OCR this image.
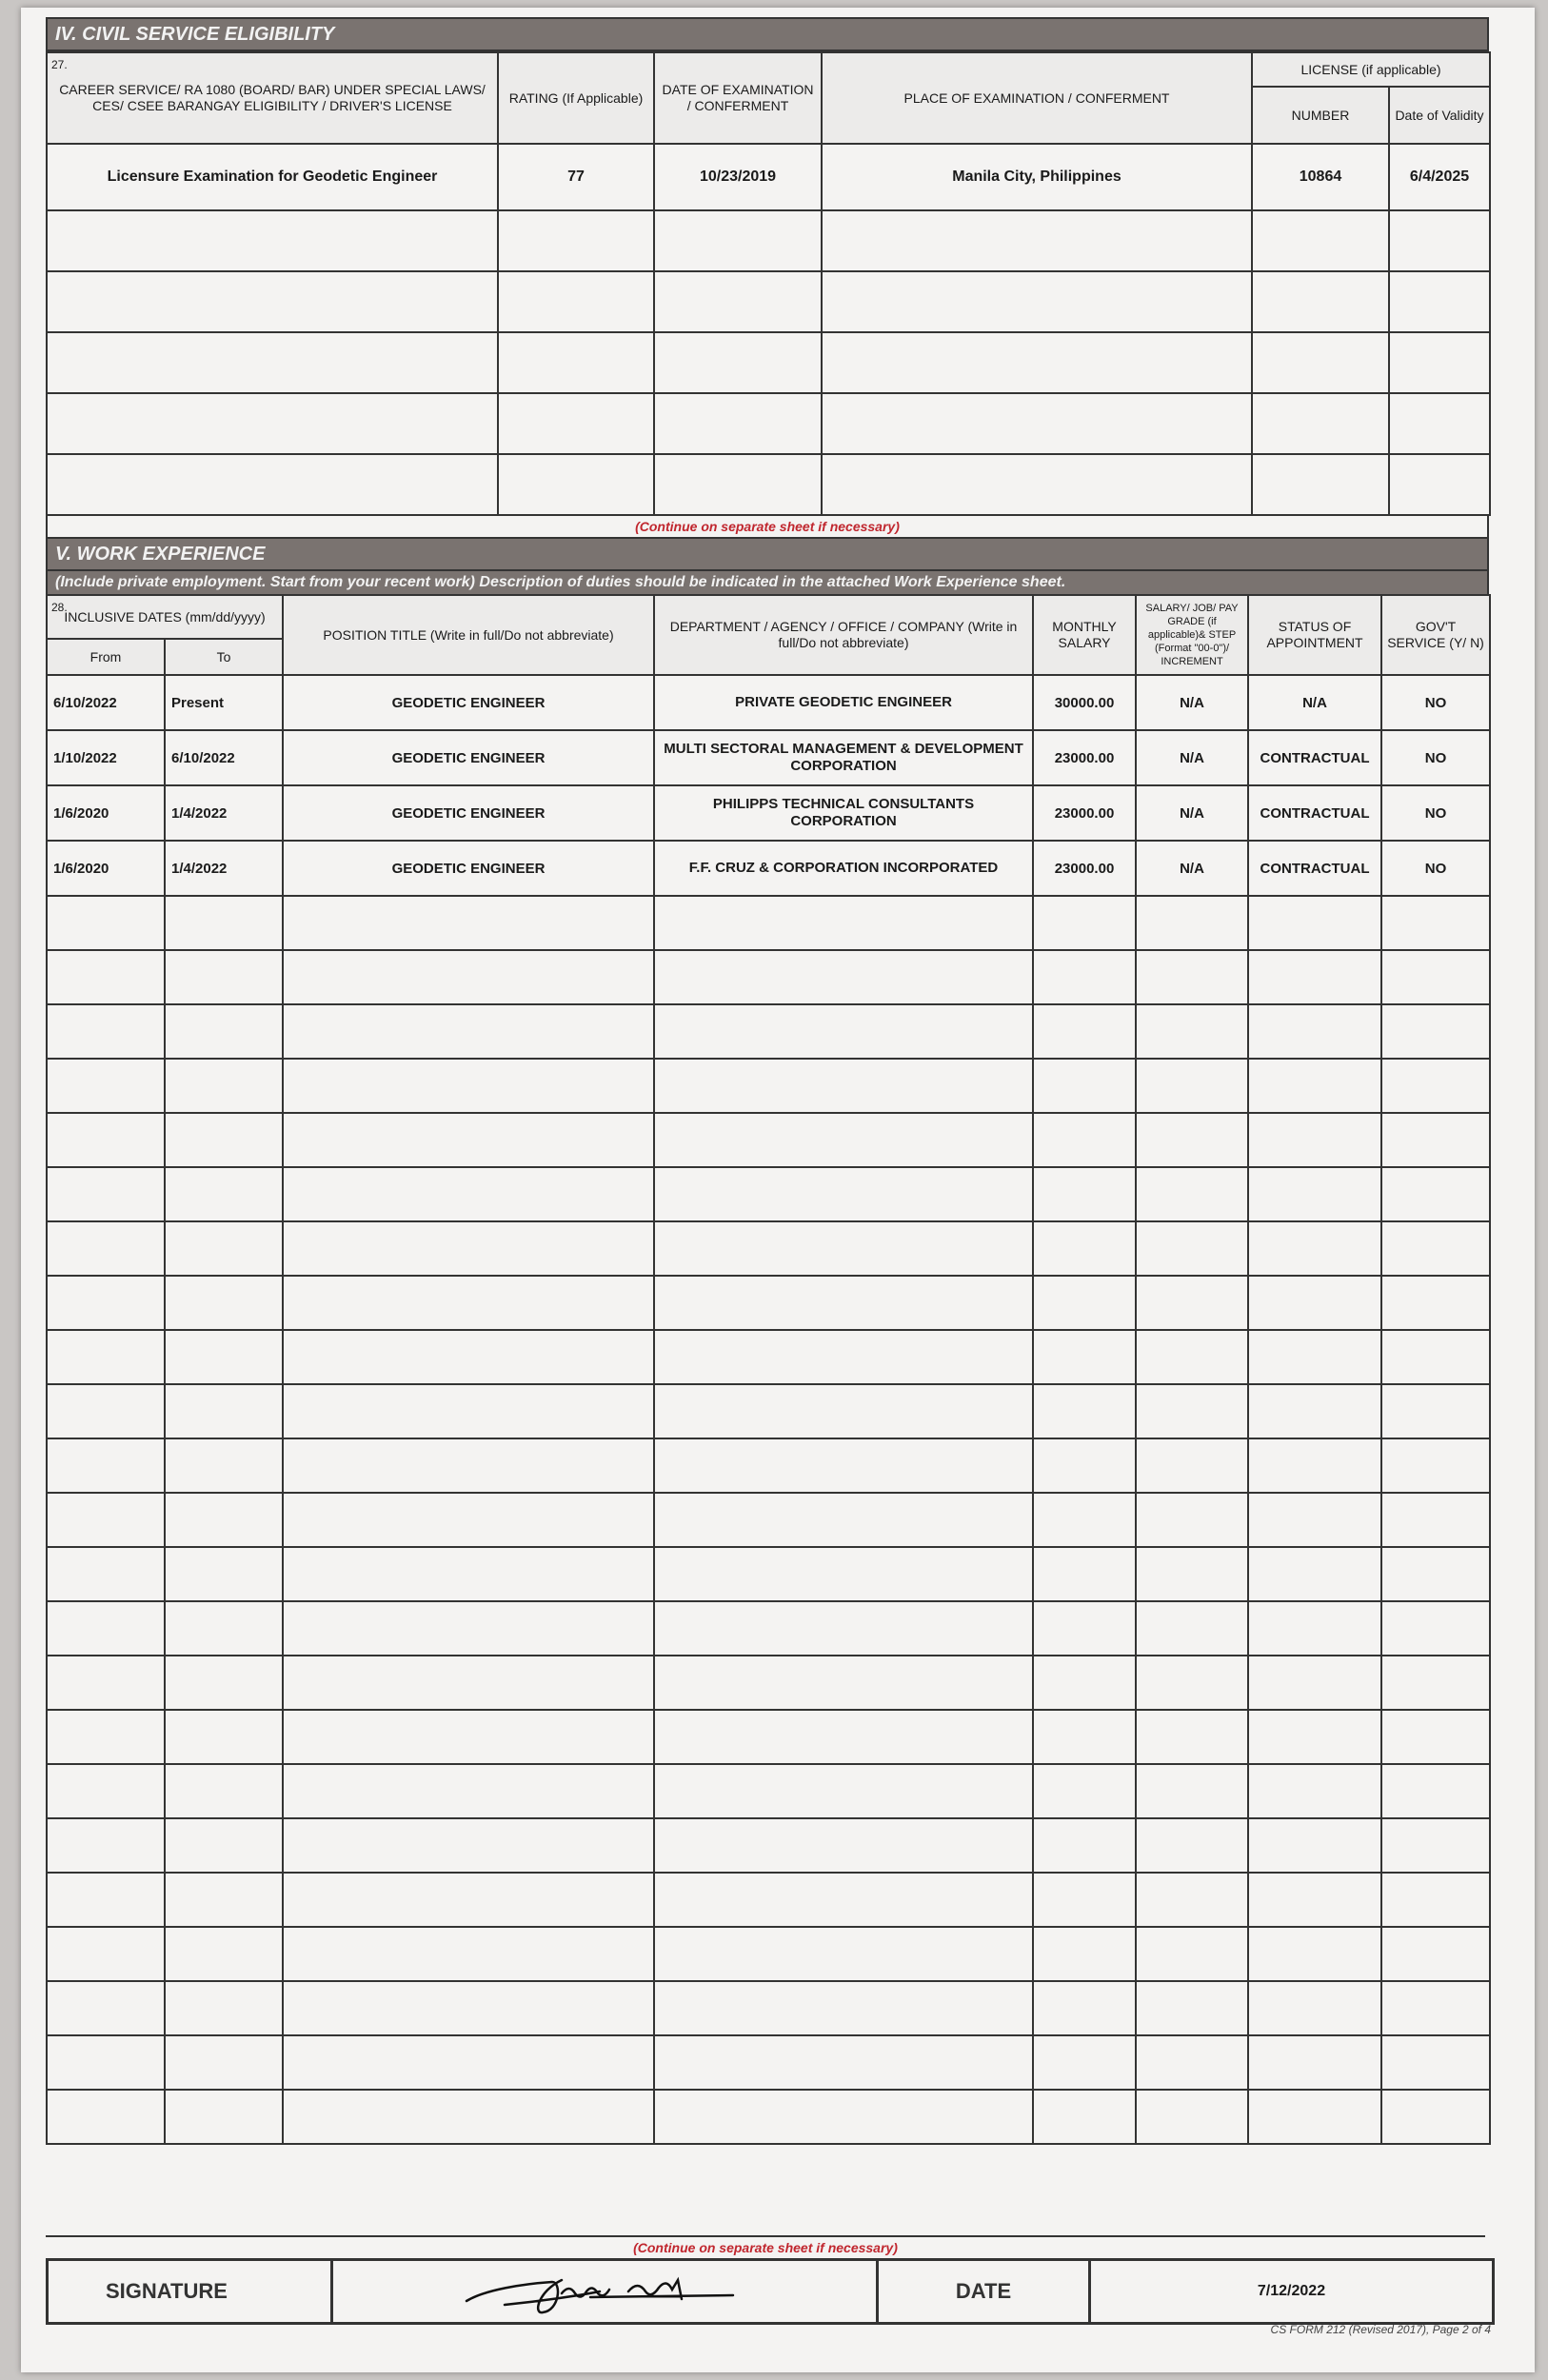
IV. CIVIL SERVICE ELIGIBILITY
27.
CAREER SERVICE/ RA 1080 (BOARD/ BAR) UNDER SPECIAL LAWS/ CES/ CSEE BARANGAY ELIGIBILITY / DRIVER'S LICENSE	RATING (If Applicable)	DATE OF EXAMINATION / CONFERMENT	PLACE OF EXAMINATION / CONFERMENT	LICENSE (if applicable)	
				NUMBER	Date of Validity
Licensure Examination for Geodetic Engineer	77	10/23/2019	Manila City, Philippines	10864	6/4/2025

(Continue on separate sheet if necessary)
V. WORK EXPERIENCE
(Include private employment. Start from your recent work) Description of duties should be indicated in the attached Work Experience sheet.
28.
INCLUSIVE DATES (mm/dd/yyyy)		POSITION TITLE (Write in full/Do not abbreviate)	DEPARTMENT / AGENCY / OFFICE / COMPANY (Write in full/Do not abbreviate)	MONTHLY SALARY	SALARY/ JOB/ PAY GRADE (if applicable)& STEP (Format "00-0")/ INCREMENT	STATUS OF APPOINTMENT	GOV'T SERVICE (Y/ N)
From	To						
6/10/2022	Present	GEODETIC ENGINEER	PRIVATE GEODETIC ENGINEER	30000.00	N/A	N/A	NO
1/10/2022	6/10/2022	GEODETIC ENGINEER	MULTI SECTORAL MANAGEMENT & DEVELOPMENT CORPORATION	23000.00	N/A	CONTRACTUAL	NO
1/6/2020	1/4/2022	GEODETIC ENGINEER	PHILIPPS TECHNICAL CONSULTANTS CORPORATION	23000.00	N/A	CONTRACTUAL	NO
1/6/2020	1/4/2022	GEODETIC ENGINEER	F.F. CRUZ & CORPORATION INCORPORATED	23000.00	N/A	CONTRACTUAL	NO

SIGNATURE	DATE	7/12/2022
CS FORM 212 (Revised 2017), Page 2 of 4
(Continue on separate sheet if necessary)
